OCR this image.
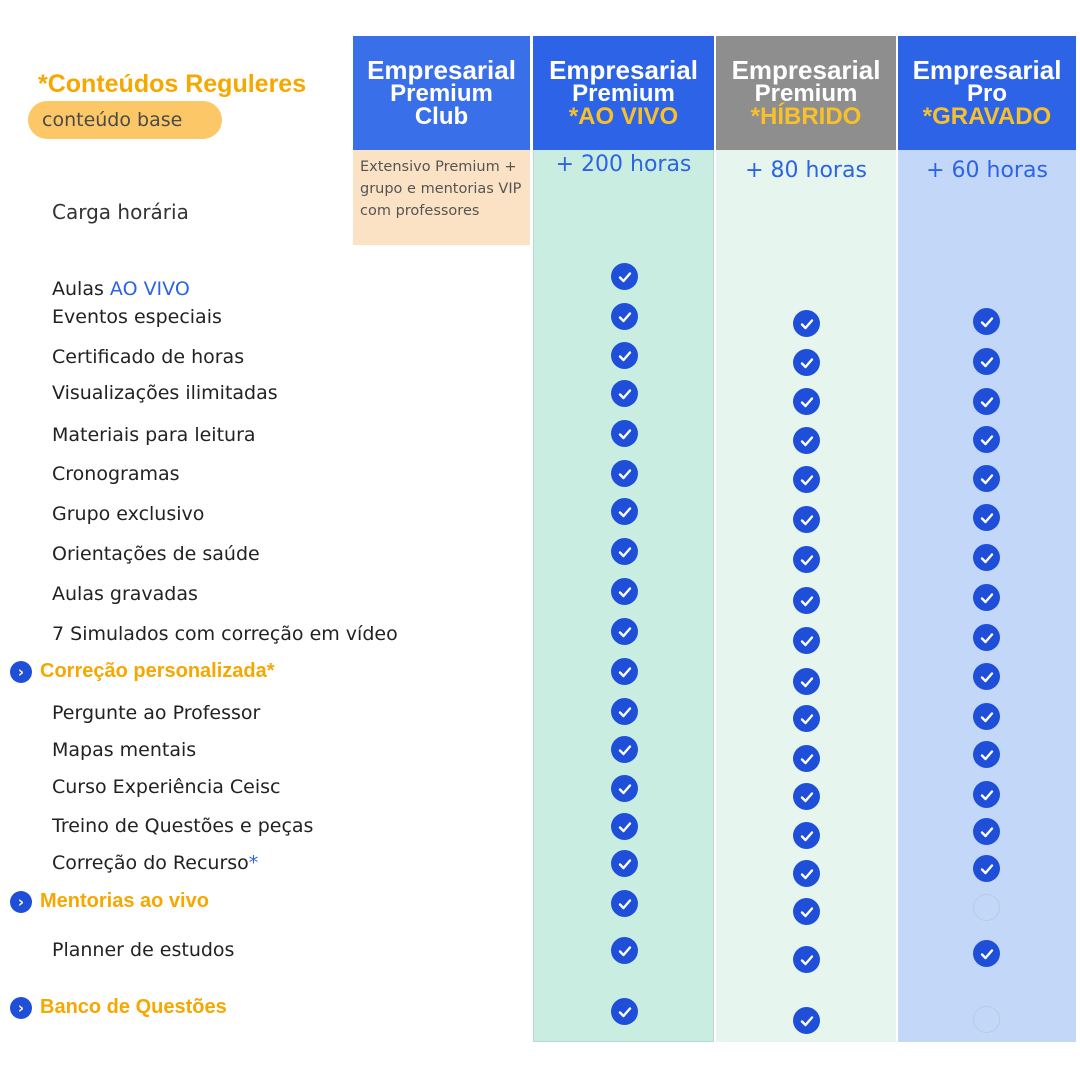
*Conteúdos Reguleres
conteúdo base
Empresarial
Premium
Club
Empresarial
Premium
*AO VIVO
Empresarial
Premium
*HÍBRIDO
Empresarial
Pro
*GRAVADO
Extensivo Premium + grupo e mentorias VIP com professores
+ 200 horas	+ 80 horas	+ 60 horas
Carga horária
Aulas AO VIVO
Eventos especiais
Certificado de horas
Visualizações ilimitadas
Materiais para leitura
Cronogramas
Grupo exclusivo
Orientações de saúde
Aulas gravadas
7 Simulados com correção em vídeo
› Correção personalizada*
Pergunte ao Professor
Mapas mentais
Curso Experiência Ceisc
Treino de Questões e peças
Correção do Recurso*
› Mentorias ao vivo
Planner de estudos
› Banco de Questões
